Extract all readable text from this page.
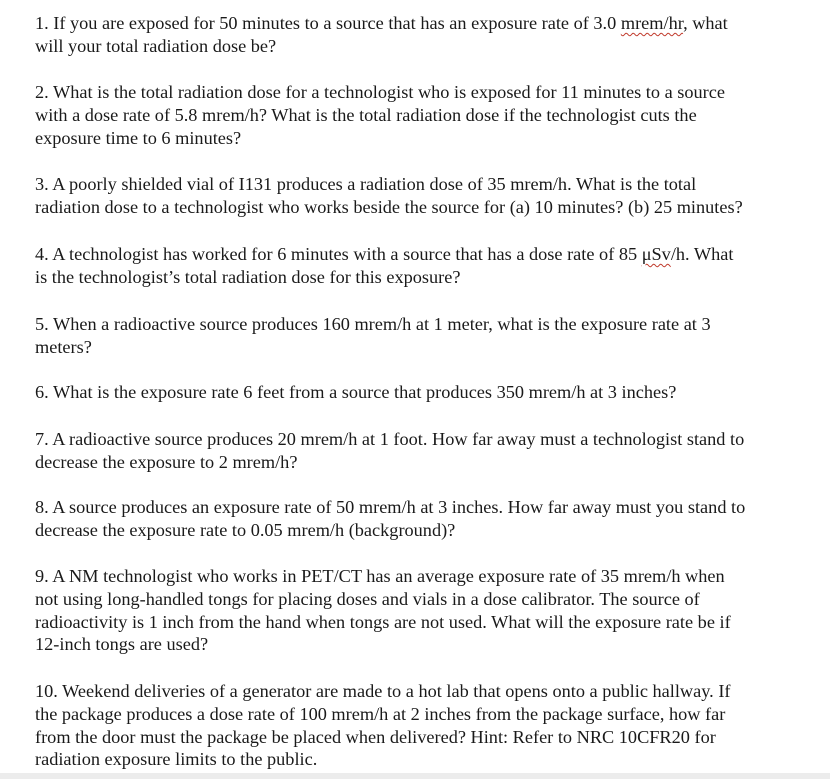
1. If you are exposed for 50 minutes to a source that has an exposure rate of 3.0 mrem/hr, what
will your total radiation dose be?

2. What is the total radiation dose for a technologist who is exposed for 11 minutes to a source
with a dose rate of 5.8 mrem/h? What is the total radiation dose if the technologist cuts the
exposure time to 6 minutes?

3. A poorly shielded vial of I131 produces a radiation dose of 35 mrem/h. What is the total
radiation dose to a technologist who works beside the source for (a) 10 minutes? (b) 25 minutes?

4. A technologist has worked for 6 minutes with a source that has a dose rate of 85 μSv/h. What
is the technologist’s total radiation dose for this exposure?

5. When a radioactive source produces 160 mrem/h at 1 meter, what is the exposure rate at 3
meters?

6. What is the exposure rate 6 feet from a source that produces 350 mrem/h at 3 inches?

7. A radioactive source produces 20 mrem/h at 1 foot. How far away must a technologist stand to
decrease the exposure to 2 mrem/h?

8. A source produces an exposure rate of 50 mrem/h at 3 inches. How far away must you stand to
decrease the exposure rate to 0.05 mrem/h (background)?

9. A NM technologist who works in PET/CT has an average exposure rate of 35 mrem/h when
not using long-handled tongs for placing doses and vials in a dose calibrator. The source of
radioactivity is 1 inch from the hand when tongs are not used. What will the exposure rate be if
12-inch tongs are used?

10. Weekend deliveries of a generator are made to a hot lab that opens onto a public hallway. If
the package produces a dose rate of 100 mrem/h at 2 inches from the package surface, how far
from the door must the package be placed when delivered? Hint: Refer to NRC 10CFR20 for
radiation exposure limits to the public.
